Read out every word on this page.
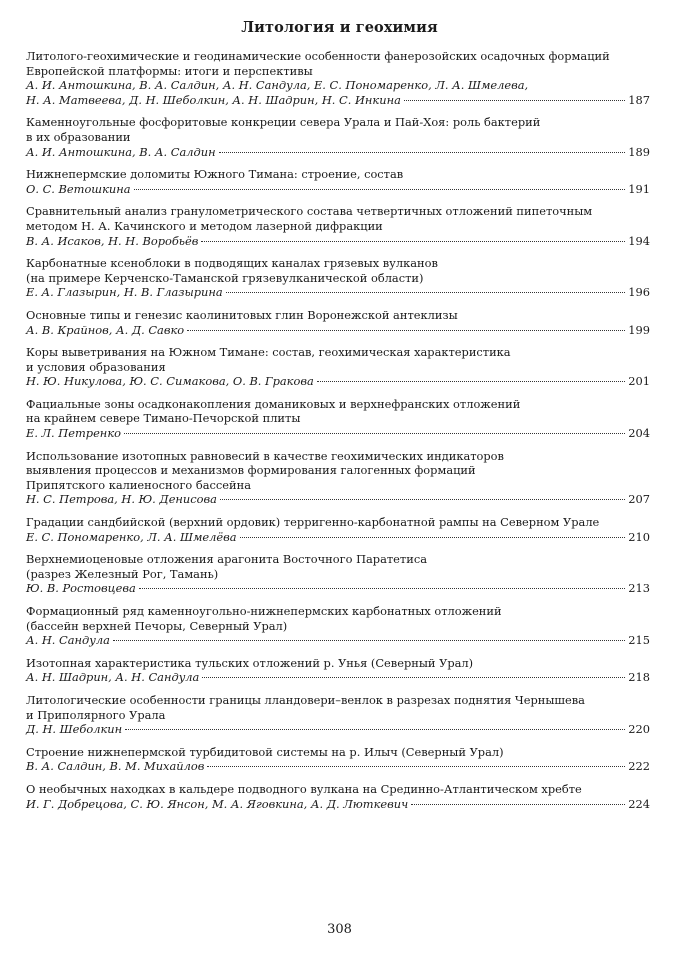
Литология и геохимия
Литолого-геохимические и геодинамические особенности фанерозойских осадочных формаций
Европейской платформы: итоги и перспективы
А. И. Антошкина, В. А. Салдин, А. Н. Сандула, Е. С. Пономаренко, Л. А. Шмелева,
Н. А. Матвеева, Д. Н. Шеболкин, А. Н. Шадрин, Н. С. Инкина	187
Каменноугольные фосфоритовые конкреции севера Урала и Пай-Хоя: роль бактерий
в их образовании
А. И. Антошкина, В. А. Салдин	189
Нижнепермские доломиты Южного Тимана: строение, состав
О. С. Ветошкина	191
Сравнительный анализ гранулометрического состава четвертичных отложений пипеточным
методом Н. А. Качинского и методом лазерной дифракции
В. А. Исаков, Н. Н. Воробьёв	194
Карбонатные ксеноблоки в подводящих каналах грязевых вулканов
(на примере Керченско-Таманской грязевулканической области)
Е. А. Глазырин, Н. В. Глазырина	196
Основные типы и генезис каолинитовых глин Воронежской антеклизы
А. В. Крайнов, А. Д. Савко	199
Коры выветривания на Южном Тимане: состав, геохимическая характеристика
и условия образования
Н. Ю. Никулова, Ю. С. Симакова, О. В. Гракова	201
Фациальные зоны осадконакопления доманиковых и верхнефранских отложений
на крайнем севере Тимано-Печорской плиты
Е. Л. Петренко	204
Использование изотопных равновесий в качестве геохимических индикаторов
выявления процессов и механизмов формирования галогенных формаций
Припятского калиеносного бассейна
Н. С. Петрова, Н. Ю. Денисова	207
Градации сандбийской (верхний ордовик) терригенно-карбонатной рампы на Северном Урале
Е. С. Пономаренко, Л. А. Шмелёва	210
Верхнемиоценовые отложения арагонита Восточного Паратетиса
(разрез Железный Рог, Тамань)
Ю. В. Ростовцева	213
Формационный ряд каменноугольно-нижнепермских карбонатных отложений
(бассейн верхней Печоры, Северный Урал)
А. Н. Сандула	215
Изотопная характеристика тульских отложений р. Унья (Северный Урал)
А. Н. Шадрин, А. Н. Сандула	218
Литологические особенности границы лландовери–венлок в разрезах поднятия Чернышева
и Приполярного Урала
Д. Н. Шеболкин	220
Строение нижнепермской турбидитовой системы на р. Илыч (Северный Урал)
В. А. Салдин, В. М. Михайлов	222
О необычных находках в кальдере подводного вулкана на Срединно-Атлантическом хребте
И. Г. Добрецова, С. Ю. Янсон, М. А. Яговкина, А. Д. Люткевич	224
308
